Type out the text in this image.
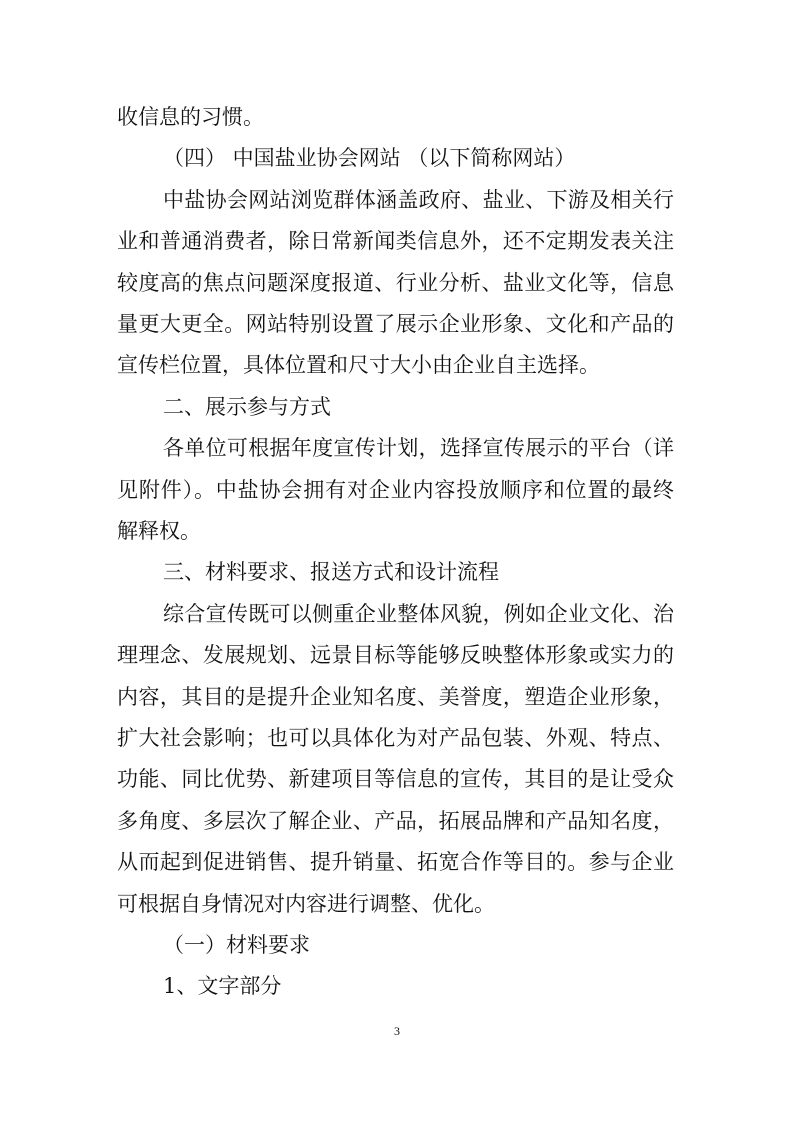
收信息的习惯。
（四） 中国盐业协会网站 （以下简称网站）
中盐协会网站浏览群体涵盖政府、盐业、下游及相关行
业和普通消费者，除日常新闻类信息外，还不定期发表关注
较度高的焦点问题深度报道、行业分析、盐业文化等，信息
量更大更全。网站特别设置了展示企业形象、文化和产品的
宣传栏位置，具体位置和尺寸大小由企业自主选择。
二、展示参与方式
各单位可根据年度宣传计划，选择宣传展示的平台（详
见附件）。中盐协会拥有对企业内容投放顺序和位置的最终
解释权。
三、材料要求、报送方式和设计流程
综合宣传既可以侧重企业整体风貌，例如企业文化、治
理理念、发展规划、远景目标等能够反映整体形象或实力的
内容，其目的是提升企业知名度、美誉度，塑造企业形象，
扩大社会影响；也可以具体化为对产品包装、外观、特点、
功能、同比优势、新建项目等信息的宣传，其目的是让受众
多角度、多层次了解企业、产品，拓展品牌和产品知名度，
从而起到促进销售、提升销量、拓宽合作等目的。参与企业
可根据自身情况对内容进行调整、优化。
（一）材料要求
1、文字部分
3
